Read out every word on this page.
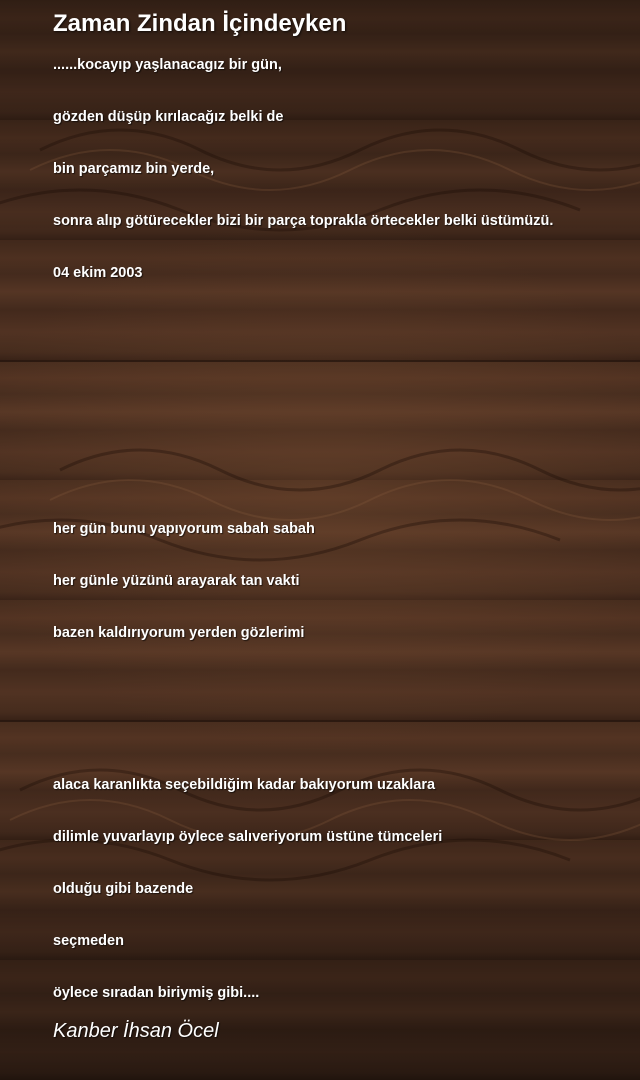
Zaman Zindan İçindeyken

......kocayıp yaşlanacagız bir gün,

gözden düşüp kırılacağız belki de

bin parçamız bin yerde,

sonra alıp götürecekler bizi bir parça toprakla örtecekler belki üstümüzü.

04 ekim 2003

her gün bunu yapıyorum sabah sabah

her günle yüzünü arayarak tan vakti

bazen kaldırıyorum yerden gözlerimi

alaca karanlıkta seçebildiğim kadar bakıyorum uzaklara

dilimle yuvarlayıp öylece salıveriyorum üstüne tümceleri

olduğu gibi bazende

seçmeden

öylece sıradan biriymiş gibi....

Kanber İhsan Öcel
